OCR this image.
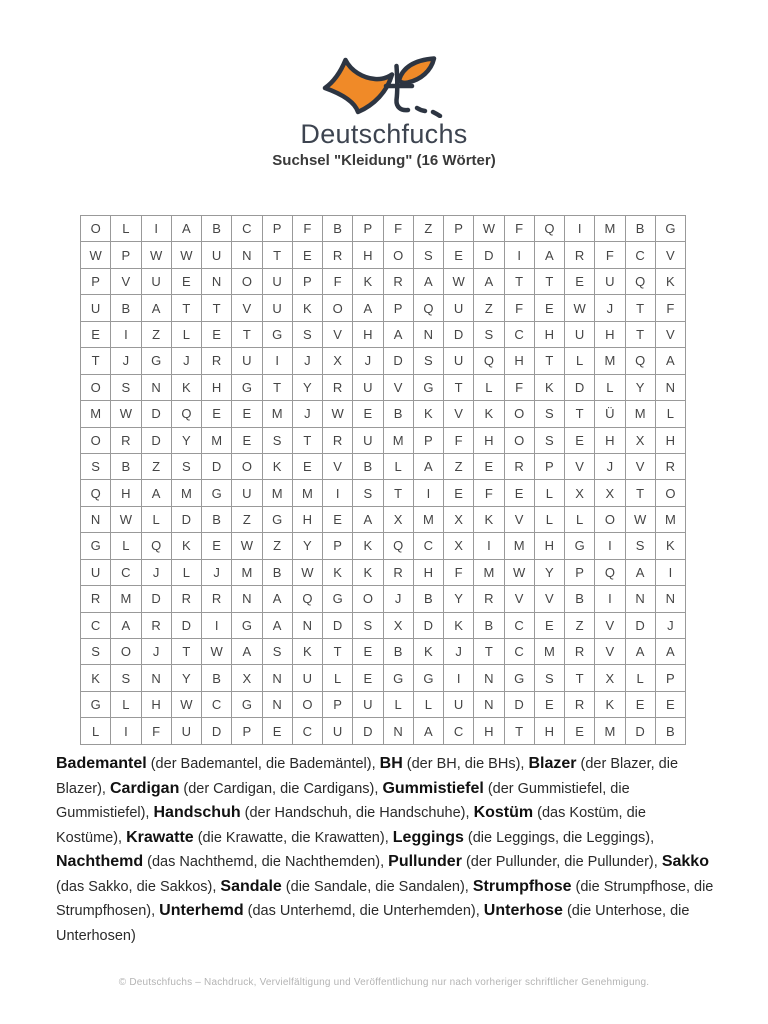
Deutschfuchs
Suchsel "Kleidung" (16 Wörter)
O	L	I	A	B	C	P	F	B	P	F	Z	P	W	F	Q	I	M	B	G
W	P	W	W	U	N	T	E	R	H	O	S	E	D	I	A	R	F	C	V
P	V	U	E	N	O	U	P	F	K	R	A	W	A	T	T	E	U	Q	K
U	B	A	T	T	V	U	K	O	A	P	Q	U	Z	F	E	W	J	T	F
E	I	Z	L	E	T	G	S	V	H	A	N	D	S	C	H	U	H	T	V
T	J	G	J	R	U	I	J	X	J	D	S	U	Q	H	T	L	M	Q	A
O	S	N	K	H	G	T	Y	R	U	V	G	T	L	F	K	D	L	Y	N
M	W	D	Q	E	E	M	J	W	E	B	K	V	K	O	S	T	Ü	M	L
O	R	D	Y	M	E	S	T	R	U	M	P	F	H	O	S	E	H	X	H
S	B	Z	S	D	O	K	E	V	B	L	A	Z	E	R	P	V	J	V	R
Q	H	A	M	G	U	M	M	I	S	T	I	E	F	E	L	X	X	T	O
N	W	L	D	B	Z	G	H	E	A	X	M	X	K	V	L	L	O	W	M
G	L	Q	K	E	W	Z	Y	P	K	Q	C	X	I	M	H	G	I	S	K
U	C	J	L	J	M	B	W	K	K	R	H	F	M	W	Y	P	Q	A	I
R	M	D	R	R	N	A	Q	G	O	J	B	Y	R	V	V	B	I	N	N
C	A	R	D	I	G	A	N	D	S	X	D	K	B	C	E	Z	V	D	J
S	O	J	T	W	A	S	K	T	E	B	K	J	T	C	M	R	V	A	A
K	S	N	Y	B	X	N	U	L	E	G	G	I	N	G	S	T	X	L	P
G	L	H	W	C	G	N	O	P	U	L	L	U	N	D	E	R	K	E	E
L	I	F	U	D	P	E	C	U	D	N	A	C	H	T	H	E	M	D	B

Bademantel (der Bademantel, die Bademäntel), BH (der BH, die BHs), Blazer (der Blazer, die Blazer), Cardigan (der Cardigan, die Cardigans), Gummistiefel (der Gummistiefel, die Gummistiefel), Handschuh (der Handschuh, die Handschuhe), Kostüm (das Kostüm, die Kostüme), Krawatte (die Krawatte, die Krawatten), Leggings (die Leggings, die Leggings), Nachthemd (das Nachthemd, die Nachthemden), Pullunder (der Pullunder, die Pullunder), Sakko (das Sakko, die Sakkos), Sandale (die Sandale, die Sandalen), Strumpfhose (die Strumpfhose, die Strumpfhosen), Unterhemd (das Unterhemd, die Unterhemden), Unterhose (die Unterhose, die Unterhosen)

© Deutschfuchs – Nachdruck, Vervielfältigung und Veröffentlichung nur nach vorheriger schriftlicher Genehmigung.
